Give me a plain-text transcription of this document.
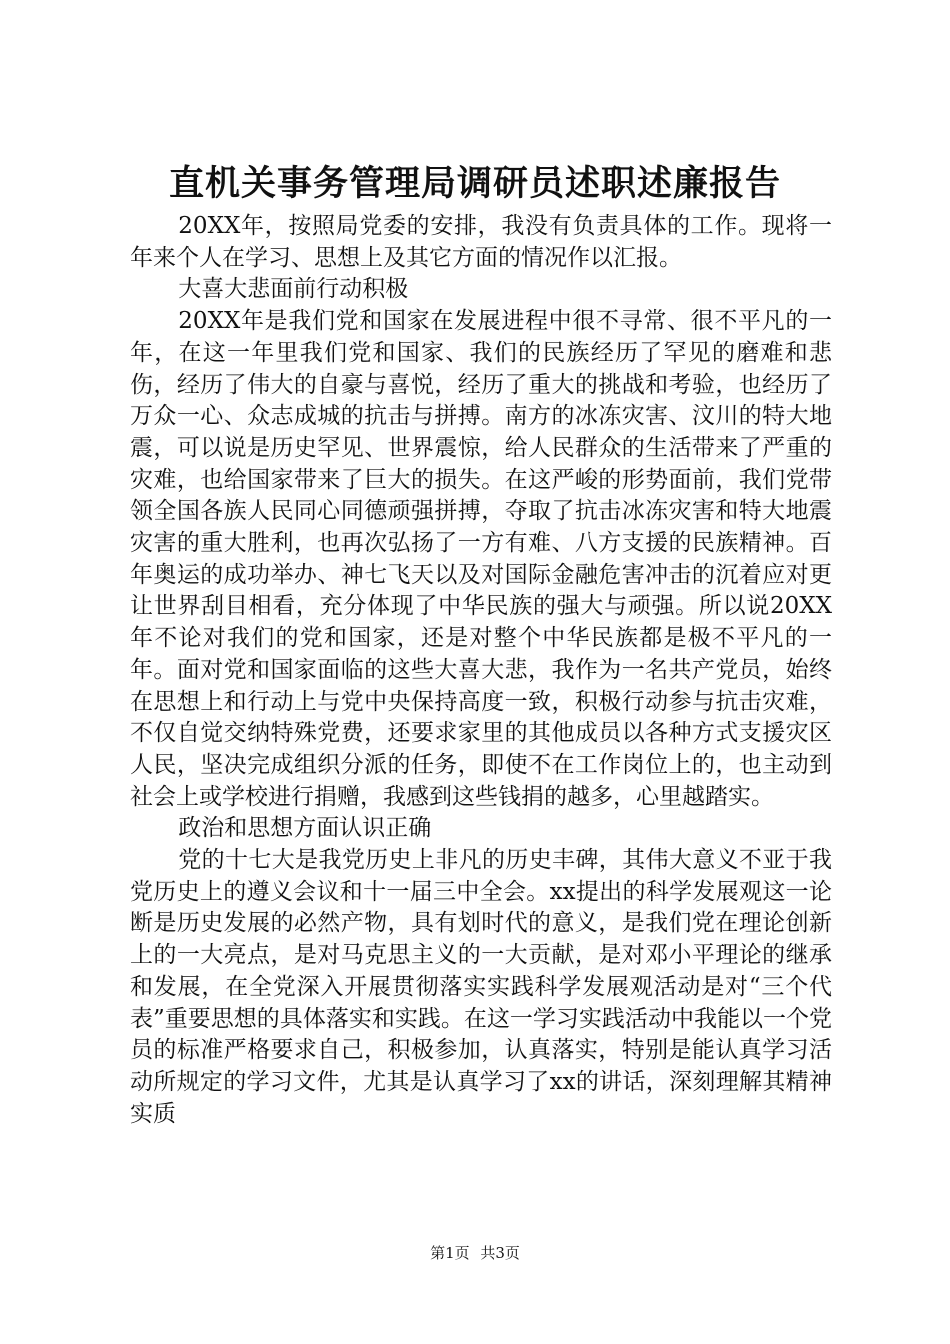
直机关事务管理局调研员述职述廉报告

20XX年，按照局党委的安排，我没有负责具体的工作。现将一年来个人在学习、思想上及其它方面的情况作以汇报。

大喜大悲面前行动积极

20XX年是我们党和国家在发展进程中很不寻常、很不平凡的一年，在这一年里我们党和国家、我们的民族经历了罕见的磨难和悲伤，经历了伟大的自豪与喜悦，经历了重大的挑战和考验，也经历了万众一心、众志成城的抗击与拼搏。南方的冰冻灾害、汶川的特大地震，可以说是历史罕见、世界震惊，给人民群众的生活带来了严重的灾难，也给国家带来了巨大的损失。在这严峻的形势面前，我们党带领全国各族人民同心同德顽强拼搏，夺取了抗击冰冻灾害和特大地震灾害的重大胜利，也再次弘扬了一方有难、八方支援的民族精神。百年奥运的成功举办、神七飞天以及对国际金融危害冲击的沉着应对更让世界刮目相看，充分体现了中华民族的强大与顽强。所以说20XX年不论对我们的党和国家，还是对整个中华民族都是极不平凡的一年。面对党和国家面临的这些大喜大悲，我作为一名共产党员，始终在思想上和行动上与党中央保持高度一致，积极行动参与抗击灾难，不仅自觉交纳特殊党费，还要求家里的其他成员以各种方式支援灾区人民，坚决完成组织分派的任务，即使不在工作岗位上的，也主动到社会上或学校进行捐赠，我感到这些钱捐的越多，心里越踏实。

政治和思想方面认识正确

党的十七大是我党历史上非凡的历史丰碑，其伟大意义不亚于我党历史上的遵义会议和十一届三中全会。xx提出的科学发展观这一论断是历史发展的必然产物，具有划时代的意义，是我们党在理论创新上的一大亮点，是对马克思主义的一大贡献，是对邓小平理论的继承和发展，在全党深入开展贯彻落实实践科学发展观活动是对“三个代表”重要思想的具体落实和实践。在这一学习实践活动中我能以一个党员的标准严格要求自己，积极参加，认真落实，特别是能认真学习活动所规定的学习文件，尤其是认真学习了xx的讲话，深刻理解其精神实质

第1页 共3页
